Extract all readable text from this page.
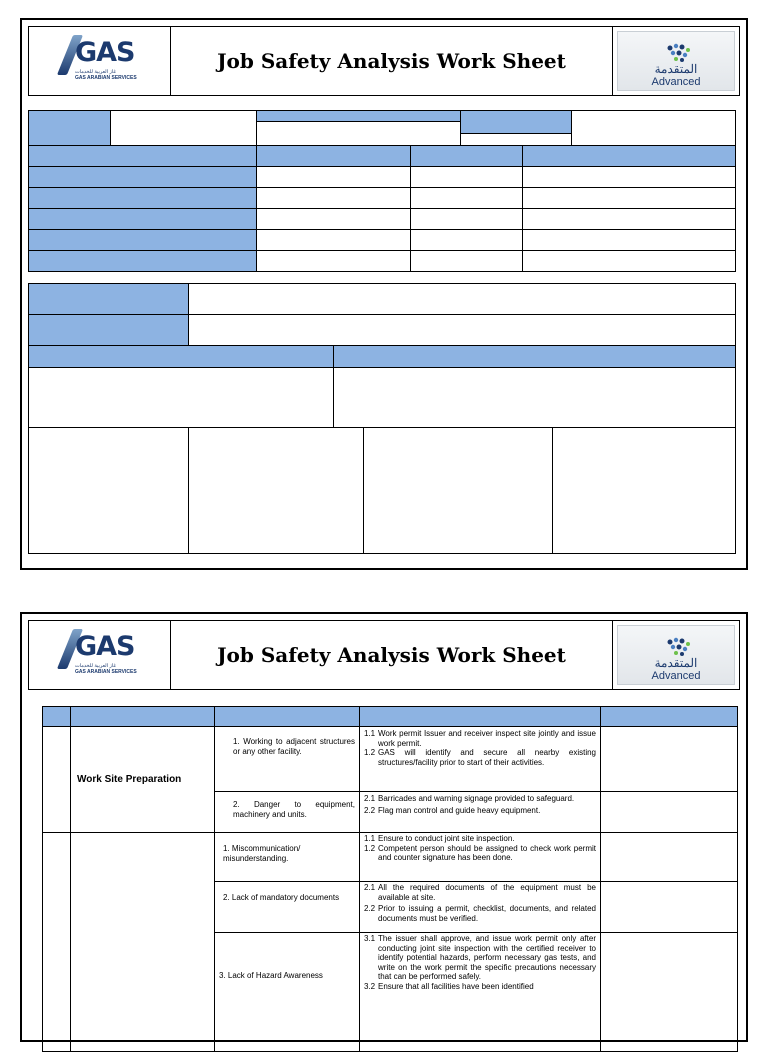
GAS
غاز العربية للخدمات
GAS ARABIAN SERVICES
Job Safety Analysis Work Sheet	المتقدمة
Advanced
GAS
غاز العربية للخدمات
GAS ARABIAN SERVICES
Job Safety Analysis Work Sheet	المتقدمة
Advanced
Work Site Preparation
1. Working to adjacent structures or any other facility.
1.1 Work permit Issuer and receiver inspect site jointly and issue work permit.
1.2 GAS will identify and secure all nearby existing structures/facility prior to start of their activities.
2. Danger to equipment, machinery and units.
2.1 Barricades and warning signage provided to safeguard.
2.2 Flag man control and guide heavy equipment.
1. Miscommunication/ misunderstanding.
1.1 Ensure to conduct joint site inspection.
1.2 Competent person should be assigned to check work permit and counter signature has been done.
2. Lack of mandatory documents
2.1 All the required documents of the equipment must be available at site.
2.2 Prior to issuing a permit, checklist, documents, and related documents must be verified.
3. Lack of Hazard Awareness
3.1 The issuer shall approve, and issue work permit only after conducting joint site inspection with the certified receiver to identify potential hazards, perform necessary gas tests, and write on the work permit the specific precautions necessary that can be performed safely.
3.2 Ensure that all facilities have been identified
